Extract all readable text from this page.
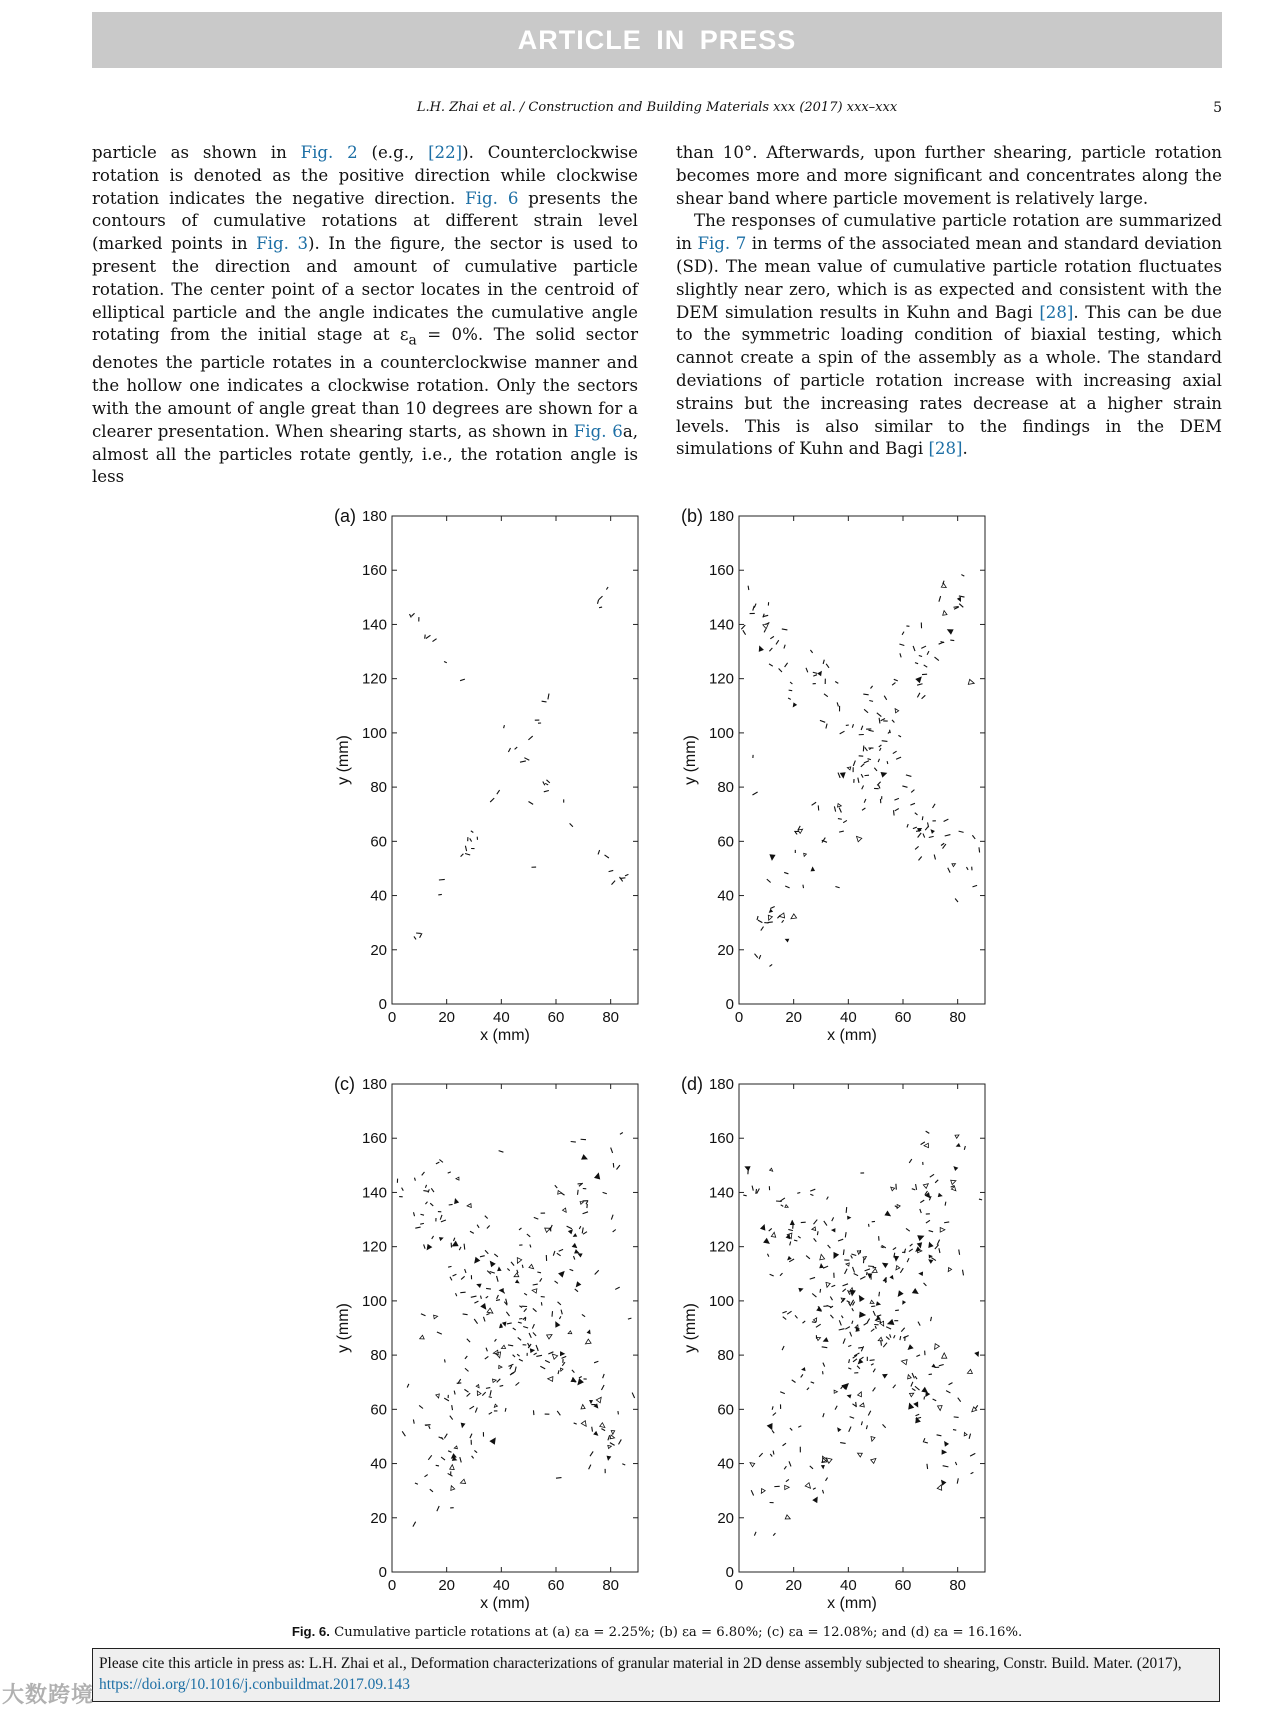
ARTICLE IN PRESS
L.H. Zhai et al. / Construction and Building Materials xxx (2017) xxx–xxx	5

particle as shown in Fig. 2 (e.g., [22]). Counterclockwise rotation is denoted as the positive direction while clockwise rotation indicates the negative direction. Fig. 6 presents the contours of cumulative rotations at different strain level (marked points in Fig. 3). In the figure, the sector is used to present the direction and amount of cumulative particle rotation. The center point of a sector locates in the centroid of elliptical particle and the angle indicates the cumulative angle rotating from the initial stage at $\varepsilon_a = 0\%$. The solid sector denotes the particle rotates in a counterclockwise manner and the hollow one indicates a clockwise rotation. Only the sectors with the amount of angle great than 10 degrees are shown for a clearer presentation. When shearing starts, as shown in Fig. 6a, almost all the particles rotate gently, i.e., the rotation angle is less

than 10°. Afterwards, upon further shearing, particle rotation becomes more and more significant and concentrates along the shear band where particle movement is relatively large.

The responses of cumulative particle rotation are summarized in Fig. 7 in terms of the associated mean and standard deviation (SD). The mean value of cumulative particle rotation fluctuates slightly near zero, which is as expected and consistent with the DEM simulation results in Kuhn and Bagi [28]. This can be due to the symmetric loading condition of biaxial testing, which cannot create a spin of the assembly as a whole. The standard deviations of particle rotation increase with increasing axial strains but the increasing rates decrease at a higher strain levels. This is also similar to the findings in the DEM simulations of Kuhn and Bagi [28].

0
20
40
60
80
100
120
140
160
180
0	20	40	60	80
x (mm)
y (mm)
(a)
0
20
40
60
80
100
120
140
160
180
0	20	40	60	80
x (mm)
y (mm)
(b)
0
20
40
60
80
100
120
140
160
180
0	20	40	60	80
x (mm)
y (mm)
(c)
0
20
40
60
80
100
120
140
160
180
0	20	40	60	80
x (mm)
y (mm)
(d)
Fig. 6. Cumulative particle rotations at (a) εa = 2.25%; (b) εa = 6.80%; (c) εa = 12.08%; and (d) εa = 16.16%.
Please cite this article in press as: L.H. Zhai et al., Deformation characterizations of granular material in 2D dense assembly subjected to shearing, Constr. Build. Mater. (2017), https://doi.org/10.1016/j.conbuildmat.2017.09.143
大数跨境
